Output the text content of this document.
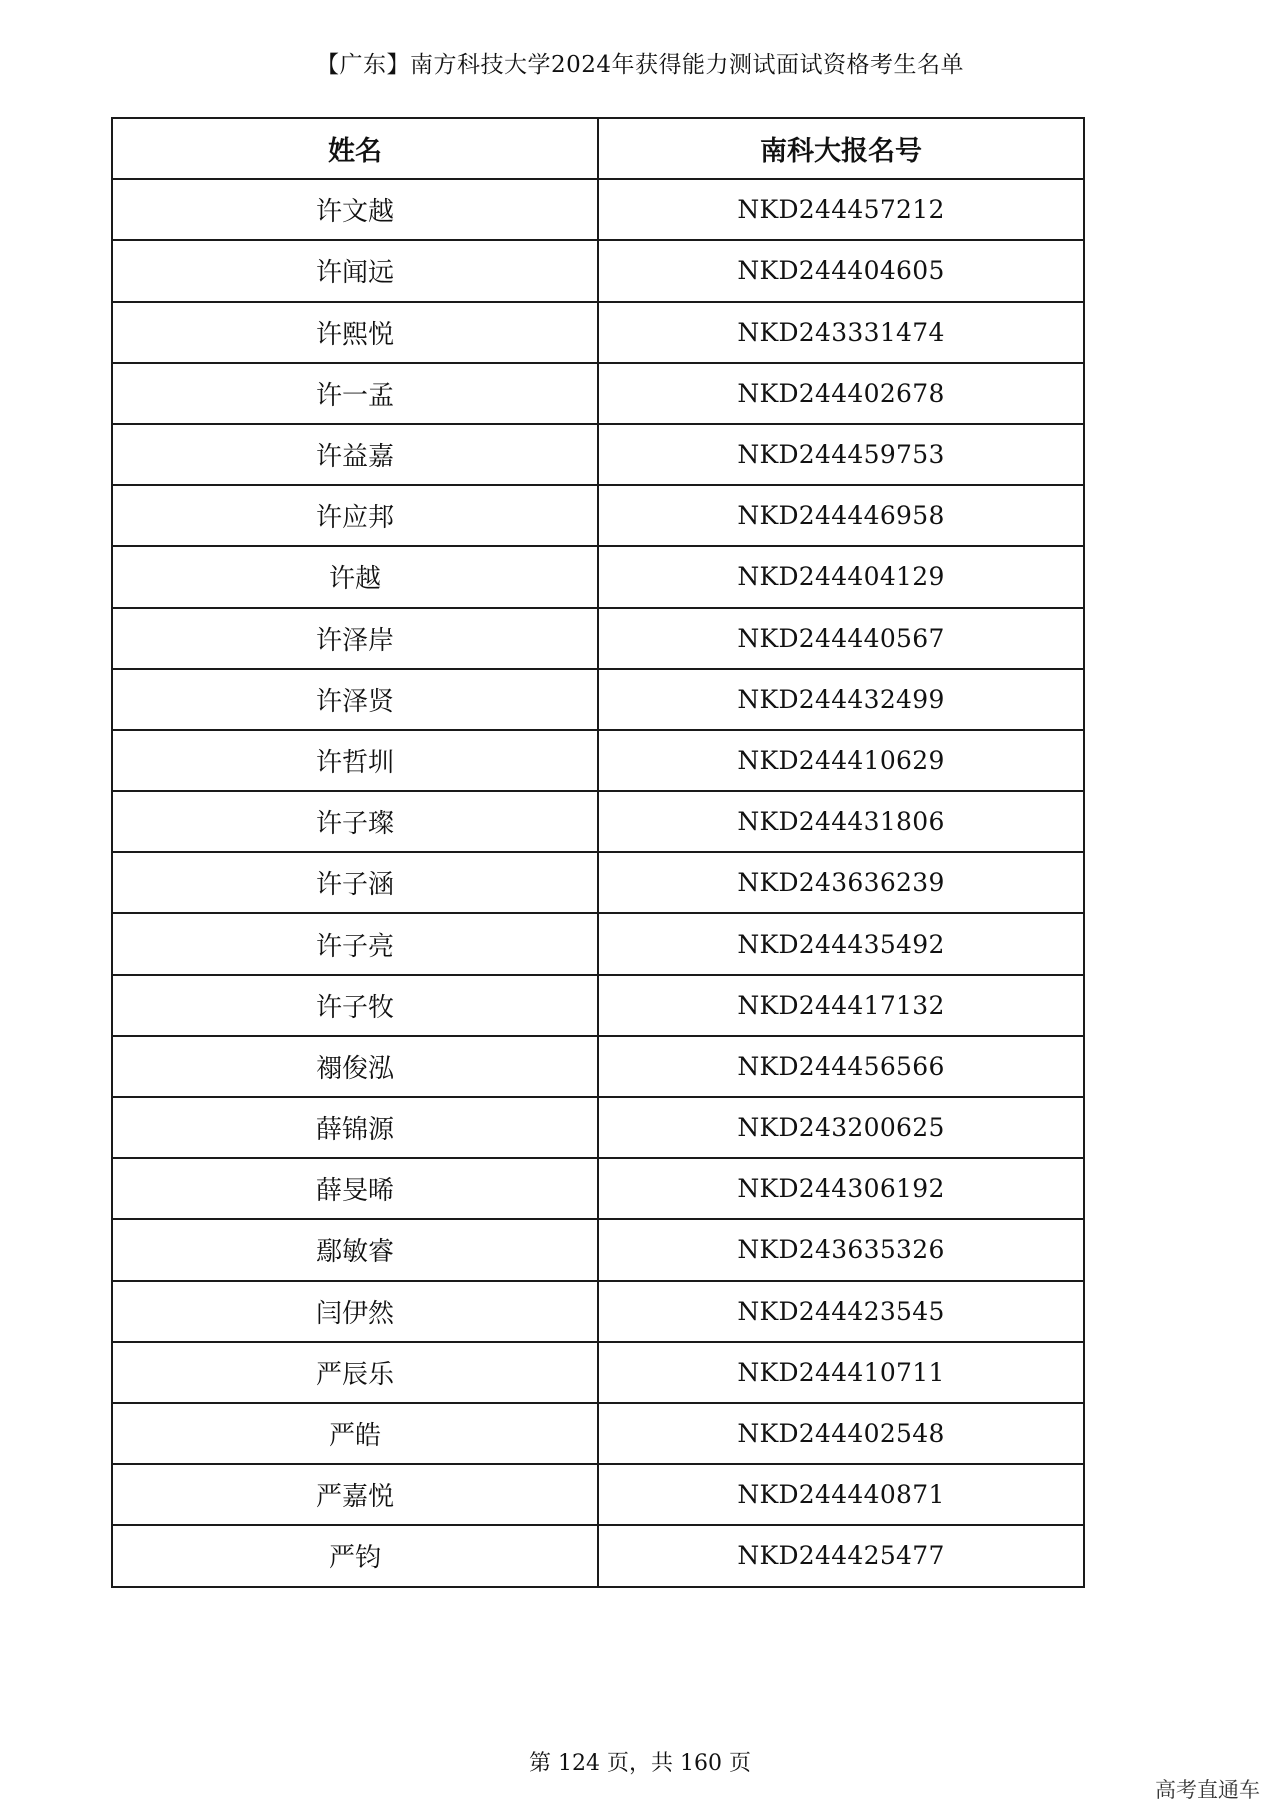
【广东】南方科技大学2024年获得能力测试面试资格考生名单
姓名	南科大报名号
许文越	NKD244457212
许闻远	NKD244404605
许熙悦	NKD243331474
许一孟	NKD244402678
许益嘉	NKD244459753
许应邦	NKD244446958
许越	NKD244404129
许泽岸	NKD244440567
许泽贤	NKD244432499
许哲圳	NKD244410629
许子璨	NKD244431806
许子涵	NKD243636239
许子亮	NKD244435492
许子牧	NKD244417132
禤俊泓	NKD244456566
薛锦源	NKD243200625
薛旻晞	NKD244306192
鄢敏睿	NKD243635326
闫伊然	NKD244423545
严辰乐	NKD244410711
严皓	NKD244402548
严嘉悦	NKD244440871
严钧	NKD244425477
第 124 页，共 160 页
高考直通车
